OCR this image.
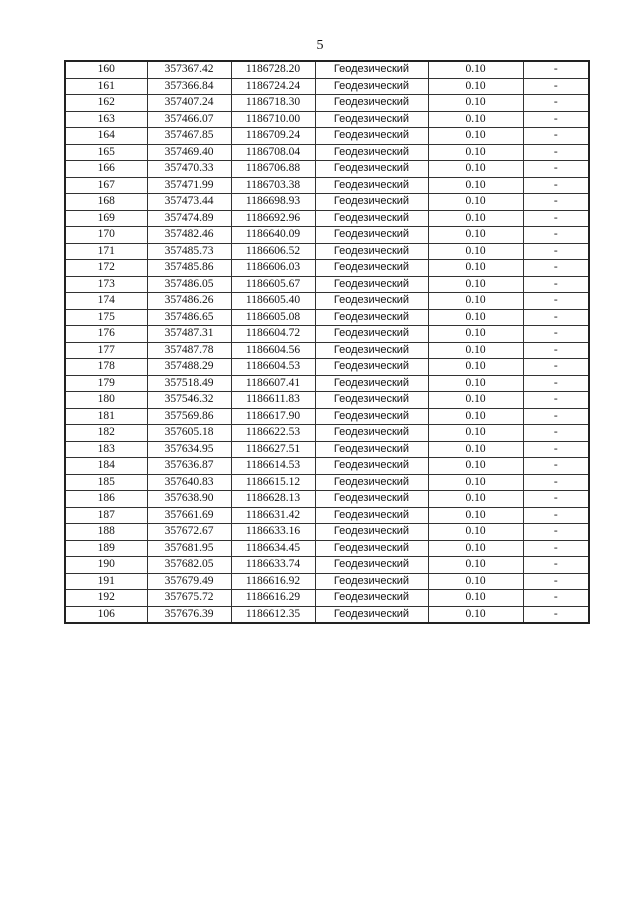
5
160	357367.42	1186728.20	Геодезический	0.10	-
161	357366.84	1186724.24	Геодезический	0.10	-
162	357407.24	1186718.30	Геодезический	0.10	-
163	357466.07	1186710.00	Геодезический	0.10	-
164	357467.85	1186709.24	Геодезический	0.10	-
165	357469.40	1186708.04	Геодезический	0.10	-
166	357470.33	1186706.88	Геодезический	0.10	-
167	357471.99	1186703.38	Геодезический	0.10	-
168	357473.44	1186698.93	Геодезический	0.10	-
169	357474.89	1186692.96	Геодезический	0.10	-
170	357482.46	1186640.09	Геодезический	0.10	-
171	357485.73	1186606.52	Геодезический	0.10	-
172	357485.86	1186606.03	Геодезический	0.10	-
173	357486.05	1186605.67	Геодезический	0.10	-
174	357486.26	1186605.40	Геодезический	0.10	-
175	357486.65	1186605.08	Геодезический	0.10	-
176	357487.31	1186604.72	Геодезический	0.10	-
177	357487.78	1186604.56	Геодезический	0.10	-
178	357488.29	1186604.53	Геодезический	0.10	-
179	357518.49	1186607.41	Геодезический	0.10	-
180	357546.32	1186611.83	Геодезический	0.10	-
181	357569.86	1186617.90	Геодезический	0.10	-
182	357605.18	1186622.53	Геодезический	0.10	-
183	357634.95	1186627.51	Геодезический	0.10	-
184	357636.87	1186614.53	Геодезический	0.10	-
185	357640.83	1186615.12	Геодезический	0.10	-
186	357638.90	1186628.13	Геодезический	0.10	-
187	357661.69	1186631.42	Геодезический	0.10	-
188	357672.67	1186633.16	Геодезический	0.10	-
189	357681.95	1186634.45	Геодезический	0.10	-
190	357682.05	1186633.74	Геодезический	0.10	-
191	357679.49	1186616.92	Геодезический	0.10	-
192	357675.72	1186616.29	Геодезический	0.10	-
106	357676.39	1186612.35	Геодезический	0.10	-
